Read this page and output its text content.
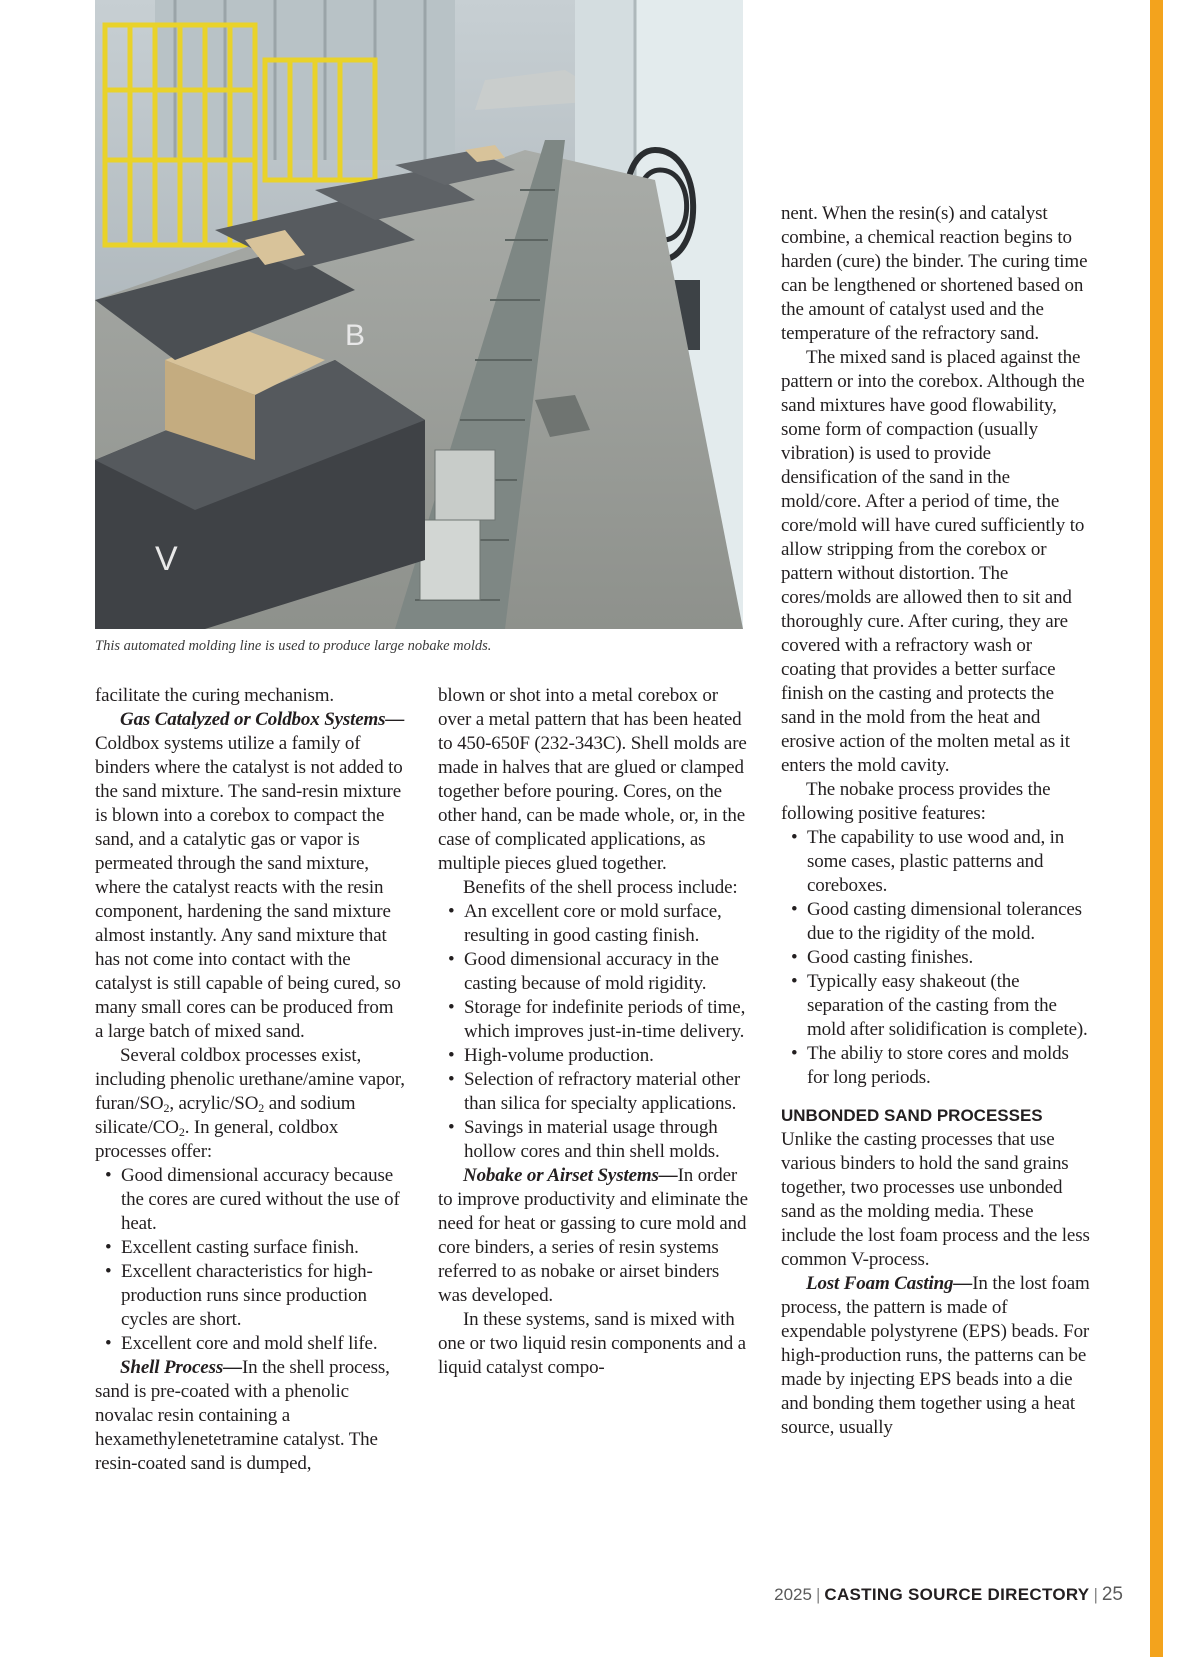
B
V
This automated molding line is used to produce large nobake molds.

facilitate the curing mechanism.

Gas Catalyzed or Coldbox Systems—Coldbox systems utilize a family of binders where the catalyst is not added to the sand mixture. The sand-resin mixture is blown into a corebox to compact the sand, and a catalytic gas or vapor is permeated through the sand mixture, where the catalyst reacts with the resin component, hardening the sand mixture almost instantly. Any sand mixture that has not come into contact with the catalyst is still capable of being cured, so many small cores can be produced from a large batch of mixed sand.

Several coldbox processes exist, including phenolic urethane/amine vapor, furan/$SO_2$, acrylic/$SO_2$ and sodium silicate/$CO_2$. In general, coldbox processes offer:

• Good dimensional accuracy because the cores are cured without the use of heat.

• Excellent casting surface finish.

• Excellent characteristics for high-production runs since production cycles are short.

• Excellent core and mold shelf life.

Shell Process—In the shell process, sand is pre-coated with a phenolic novalac resin containing a hexamethylenetetramine catalyst. The resin-coated sand is dumped,

blown or shot into a metal corebox or over a metal pattern that has been heated to 450-650F (232-343C). Shell molds are made in halves that are glued or clamped together before pouring. Cores, on the other hand, can be made whole, or, in the case of complicated applications, as multiple pieces glued together.

Benefits of the shell process include:

• An excellent core or mold surface, resulting in good casting finish.

• Good dimensional accuracy in the casting because of mold rigidity.

• Storage for indefinite periods of time, which improves just-in-time delivery.

• High-volume production.

• Selection of refractory material other than silica for specialty applications.

• Savings in material usage through hollow cores and thin shell molds.

Nobake or Airset Systems—In order to improve productivity and eliminate the need for heat or gassing to cure mold and core binders, a series of resin systems referred to as nobake or airset binders was developed.

In these systems, sand is mixed with one or two liquid resin components and a liquid catalyst compo-

nent. When the resin(s) and catalyst combine, a chemical reaction begins to harden (cure) the binder. The curing time can be lengthened or shortened based on the amount of catalyst used and the temperature of the refractory sand.

The mixed sand is placed against the pattern or into the corebox. Although the sand mixtures have good flowability, some form of compaction (usually vibration) is used to provide densification of the sand in the mold/core. After a period of time, the core/mold will have cured sufficiently to allow stripping from the corebox or pattern without distortion. The cores/molds are allowed then to sit and thoroughly cure. After curing, they are covered with a refractory wash or coating that provides a better surface finish on the casting and protects the sand in the mold from the heat and erosive action of the molten metal as it enters the mold cavity.

The nobake process provides the following positive features:

• The capability to use wood and, in some cases, plastic patterns and coreboxes.

• Good casting dimensional tolerances due to the rigidity of the mold.

• Good casting finishes.

• Typically easy shakeout (the separation of the casting from the mold after solidification is complete).

• The abiliy to store cores and molds for long periods.

UNBONDED SAND PROCESSES

Unlike the casting processes that use various binders to hold the sand grains together, two processes use unbonded sand as the molding media. These include the lost foam process and the less common V-process.

Lost Foam Casting—In the lost foam process, the pattern is made of expendable polystyrene (EPS) beads. For high-production runs, the patterns can be made by injecting EPS beads into a die and bonding them together using a heat source, usually

2025 | CASTING SOURCE DIRECTORY | 25
